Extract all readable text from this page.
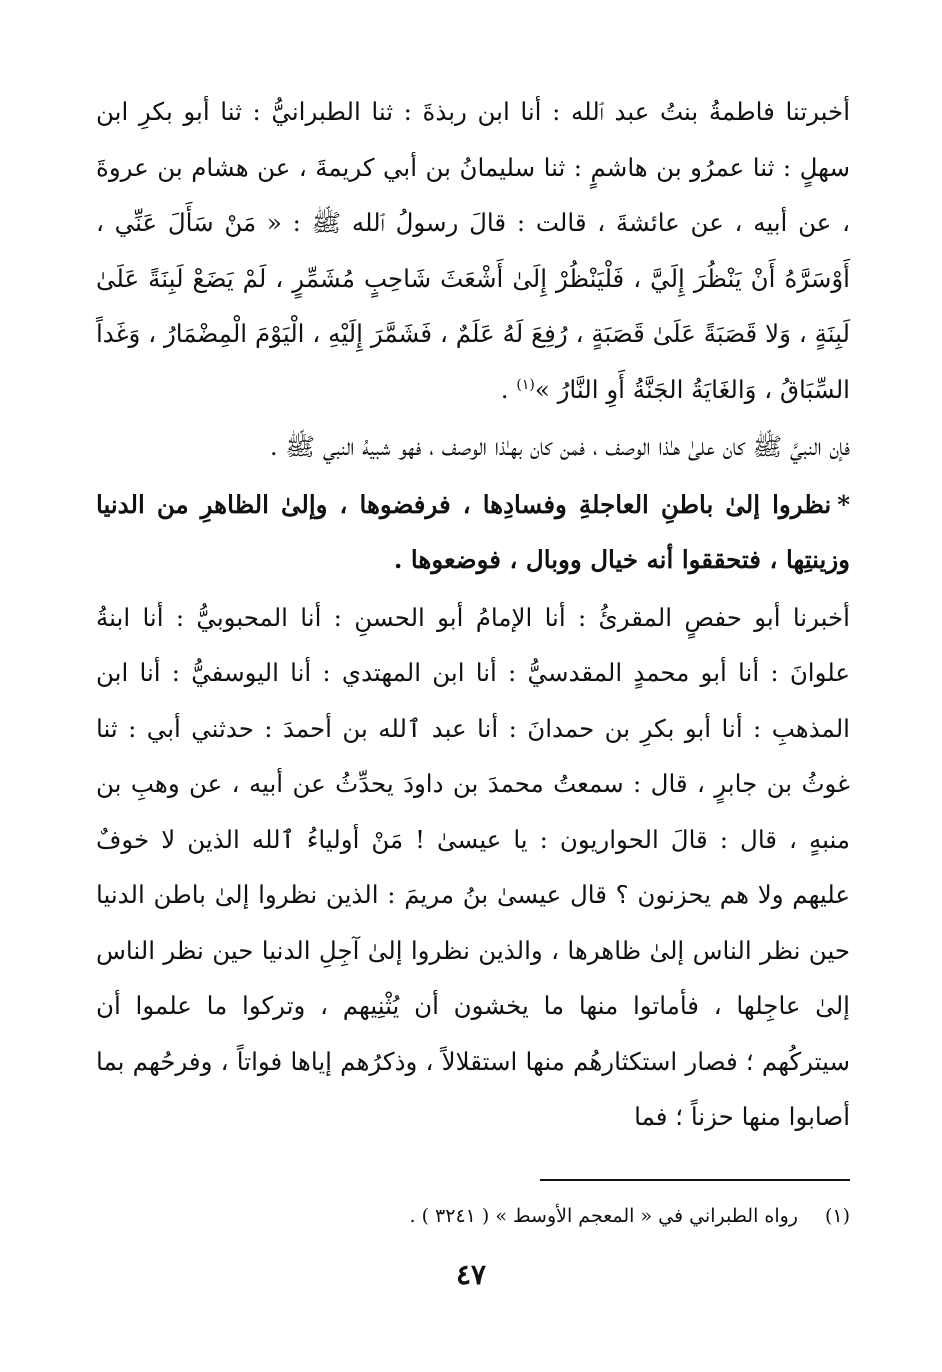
أخبرتنا فاطمةُ بنتُ عبد ٱلله : أنا ابن ربذةَ : ثنا الطبرانيُّ : ثنا أبو بكرِ ابن سهلٍ : ثنا عمرُو بن هاشمٍ : ثنا سليمانُ بن أبي كريمةَ ، عن هشام بن عروةَ ، عن أبيه ، عن عائشةَ ، قالت : قالَ رسولُ ٱلله ﷺ : « مَنْ سَأَلَ عَنِّي ، أَوْسَرَّهُ أَنْ يَنْظُرَ إِلَيَّ ، فَلْيَنْظُرْ إِلَىٰ أَشْعَثَ شَاحِبٍ مُشَمِّرٍ ، لَمْ يَضَعْ لَبِنَةً عَلَىٰ لَبِنَةٍ ، وَلا قَصَبَةً عَلَىٰ قَصَبَةٍ ، رُفِعَ لَهُ عَلَمٌ ، فَشَمَّرَ إِلَيْهِ ، الْيَوْمَ الْمِضْمَارُ ، وَغَداً السِّبَاقُ ، وَالغَايَةُ الجَنَّةُ أَوِ النَّارُ »$^{(١)}$ .

فإن النبيَّ ﷺ كان علىٰ هـٰذا الوصف ، فمن كان بهـٰذا الوصف ، فهو شبيهُ النبي ﷺ .

*نظروا إلىٰ باطنِ العاجلةِ وفسادِها ، فرفضوها ، وإلىٰ الظاهرِ من الدنيا وزينتِها ، فتحققوا أنه خيال ووبال ، فوضعوها .

أخبرنا أبو حفصٍ المقرئُ : أنا الإمامُ أبو الحسنِ : أنا المحبوبيُّ : أنا ابنةُ علوانَ : أنا أبو محمدٍ المقدسيُّ : أنا ابن المهتدي : أنا اليوسفيُّ : أنا ابن المذهبِ : أنا أبو بكرِ بن حمدانَ : أنا عبد ٱلله بن أحمدَ : حدثني أبي : ثنا غوثُ بن جابرٍ ، قال : سمعتُ محمدَ بن داودَ يحدِّثُ عن أبيه ، عن وهبِ بن منبهٍ ، قال : قالَ الحواريون : يا عيسىٰ ! مَنْ أولياءُ ٱلله الذين لا خوفٌ عليهم ولا هم يحزنون ؟ قال عيسىٰ بنُ مريمَ : الذين نظروا إلىٰ باطن الدنيا حين نظر الناس إلىٰ ظاهرها ، والذين نظروا إلىٰ آجِلِ الدنيا حين نظر الناس إلىٰ عاجِلها ، فأماتوا منها ما يخشون أن يُثْنِيهم ، وتركوا ما علموا أن سيتركُهم ؛ فصار استكثارهُم منها استقلالاً ، وذكرُهم إياها فواتاً ، وفرحُهم بما أصابوا منها حزناً ؛ فما

(١)رواه الطبراني في « المعجم الأوسط » ( ٣٢٤١ ) .
٤٧
